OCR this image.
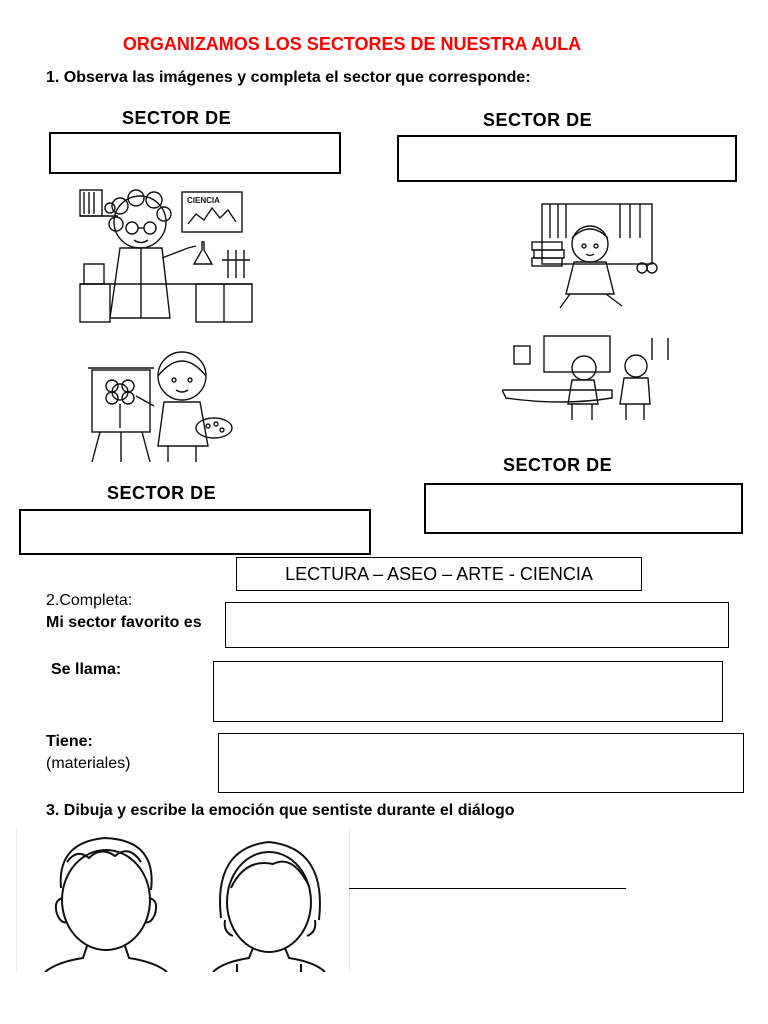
ORGANIZAMOS LOS SECTORES DE NUESTRA AULA
1. Observa las imágenes y completa el sector que corresponde:
SECTOR DE	SECTOR DE
CIENCIA
SECTOR DE
SECTOR DE
LECTURA – ASEO – ARTE - CIENCIA
2.Completa:
Mi sector favorito es
Se llama:
Tiene:
(materiales)
3. Dibuja y escribe la emoción que sentiste durante el diálogo
